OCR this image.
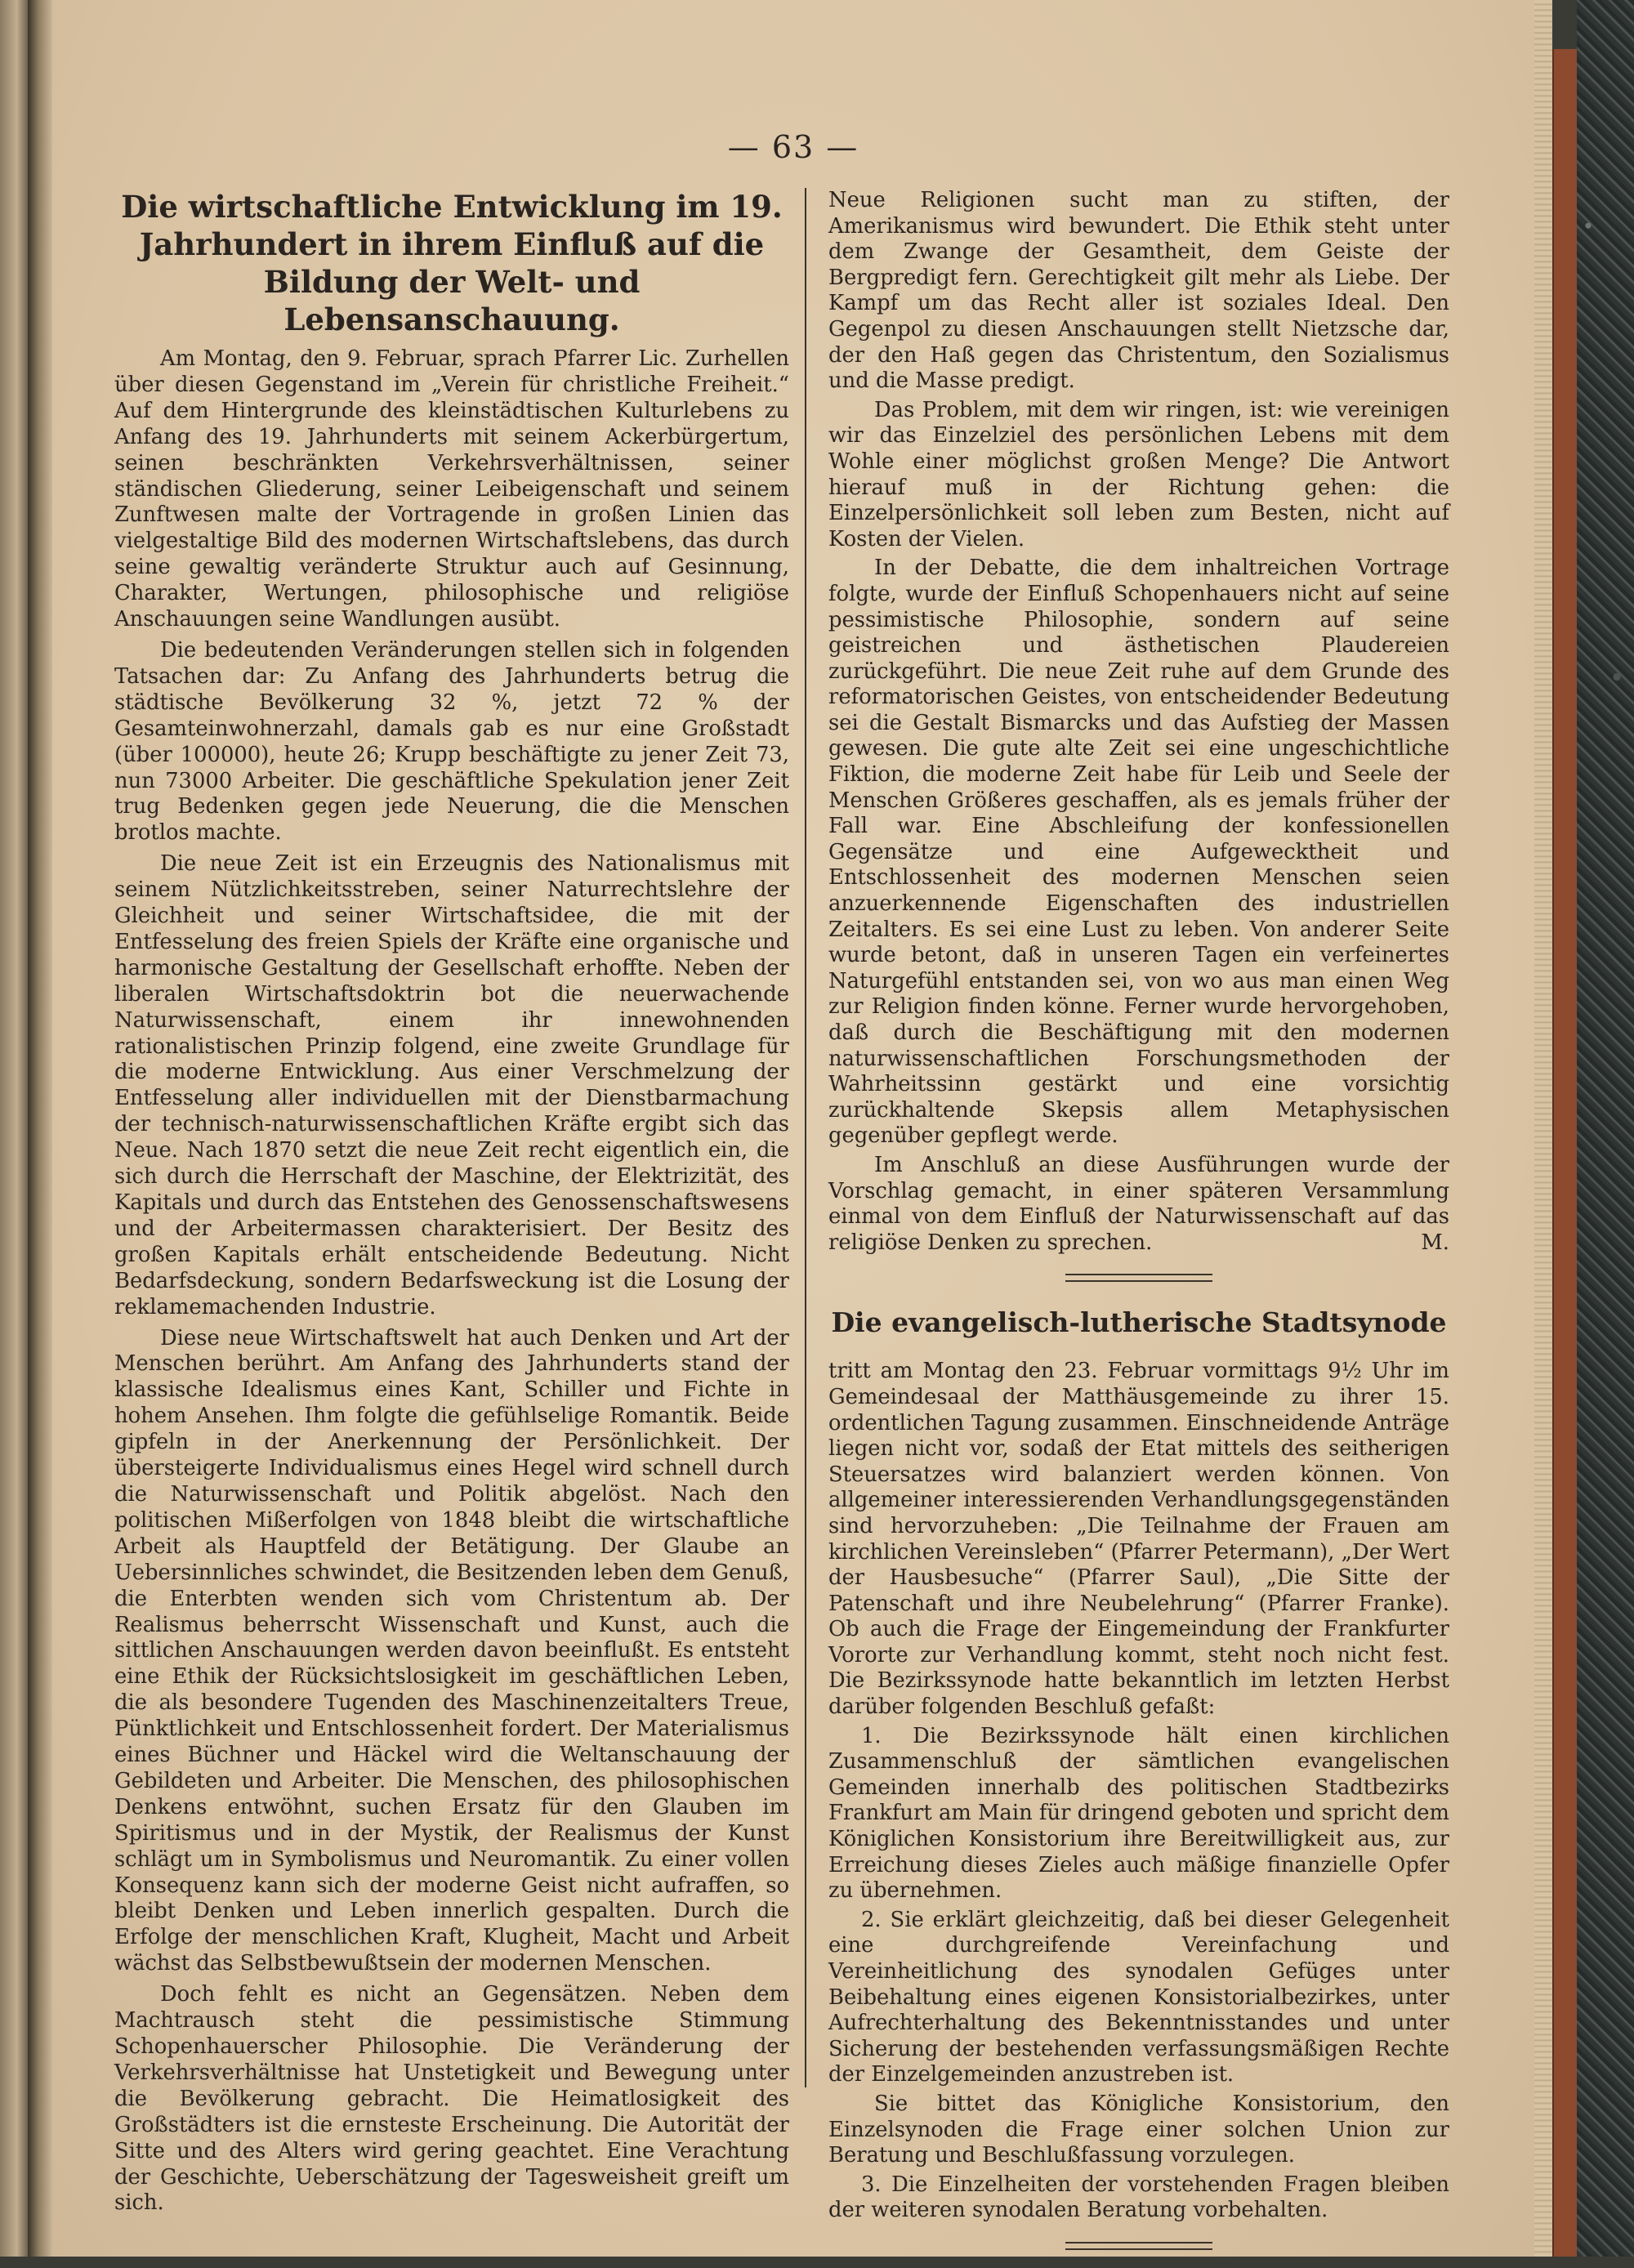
— 63 —
Die wirtschaftliche Entwicklung im 19. Jahrhundert in ihrem Einfluß auf die Bildung der Welt- und Lebensanschauung.

Am Montag, den 9. Februar, sprach Pfarrer Lic. Zurhellen über diesen Gegenstand im „Verein für christliche Freiheit.“ Auf dem Hintergrunde des kleinstädtischen Kulturlebens zu Anfang des 19. Jahrhunderts mit seinem Ackerbürgertum, seinen beschränkten Verkehrsverhältnissen, seiner ständischen Gliederung, seiner Leibeigenschaft und seinem Zunftwesen malte der Vortragende in großen Linien das vielgestaltige Bild des modernen Wirtschaftslebens, das durch seine gewaltig veränderte Struktur auch auf Gesinnung, Charakter, Wertungen, philosophische und religiöse Anschauungen seine Wandlungen ausübt.

Die bedeutenden Veränderungen stellen sich in folgenden Tatsachen dar: Zu Anfang des Jahrhunderts betrug die städtische Bevölkerung 32 %, jetzt 72 % der Gesamteinwohnerzahl, damals gab es nur eine Großstadt (über 100000), heute 26; Krupp beschäftigte zu jener Zeit 73, nun 73000 Arbeiter. Die geschäftliche Spekulation jener Zeit trug Bedenken gegen jede Neuerung, die die Menschen brotlos machte.

Die neue Zeit ist ein Erzeugnis des Nationalismus mit seinem Nützlichkeitsstreben, seiner Naturrechtslehre der Gleichheit und seiner Wirtschaftsidee, die mit der Entfesselung des freien Spiels der Kräfte eine organische und harmonische Gestaltung der Gesellschaft erhoffte. Neben der liberalen Wirtschaftsdoktrin bot die neuerwachende Naturwissenschaft, einem ihr innewohnenden rationalistischen Prinzip folgend, eine zweite Grundlage für die moderne Entwicklung. Aus einer Verschmelzung der Entfesselung aller individuellen mit der Dienstbarmachung der technisch-naturwissenschaftlichen Kräfte ergibt sich das Neue. Nach 1870 setzt die neue Zeit recht eigentlich ein, die sich durch die Herrschaft der Maschine, der Elektrizität, des Kapitals und durch das Entstehen des Genossenschaftswesens und der Arbeitermassen charakterisiert. Der Besitz des großen Kapitals erhält entscheidende Bedeutung. Nicht Bedarfsdeckung, sondern Bedarfsweckung ist die Losung der reklamemachenden Industrie.

Diese neue Wirtschaftswelt hat auch Denken und Art der Menschen berührt. Am Anfang des Jahrhunderts stand der klassische Idealismus eines Kant, Schiller und Fichte in hohem Ansehen. Ihm folgte die gefühlselige Romantik. Beide gipfeln in der Anerkennung der Persönlichkeit. Der übersteigerte Individualismus eines Hegel wird schnell durch die Naturwissenschaft und Politik abgelöst. Nach den politischen Mißerfolgen von 1848 bleibt die wirtschaftliche Arbeit als Hauptfeld der Betätigung. Der Glaube an Uebersinnliches schwindet, die Besitzenden leben dem Genuß, die Enterbten wenden sich vom Christentum ab. Der Realismus beherrscht Wissenschaft und Kunst, auch die sittlichen Anschauungen werden davon beeinflußt. Es entsteht eine Ethik der Rücksichtslosigkeit im geschäftlichen Leben, die als besondere Tugenden des Maschinenzeitalters Treue, Pünktlichkeit und Entschlossenheit fordert. Der Materialismus eines Büchner und Häckel wird die Weltanschauung der Gebildeten und Arbeiter. Die Menschen, des philosophischen Denkens entwöhnt, suchen Ersatz für den Glauben im Spiritismus und in der Mystik, der Realismus der Kunst schlägt um in Symbolismus und Neuromantik. Zu einer vollen Konsequenz kann sich der moderne Geist nicht aufraffen, so bleibt Denken und Leben innerlich gespalten. Durch die Erfolge der menschlichen Kraft, Klugheit, Macht und Arbeit wächst das Selbstbewußtsein der modernen Menschen.

Doch fehlt es nicht an Gegensätzen. Neben dem Machtrausch steht die pessimistische Stimmung Schopenhauerscher Philosophie. Die Veränderung der Verkehrsverhältnisse hat Unstetigkeit und Bewegung unter die Bevölkerung gebracht. Die Heimatlosigkeit des Großstädters ist die ernsteste Erscheinung. Die Autorität der Sitte und des Alters wird gering geachtet. Eine Verachtung der Geschichte, Ueberschätzung der Tagesweisheit greift um sich.

Neue Religionen sucht man zu stiften, der Amerikanismus wird bewundert. Die Ethik steht unter dem Zwange der Gesamtheit, dem Geiste der Bergpredigt fern. Gerechtigkeit gilt mehr als Liebe. Der Kampf um das Recht aller ist soziales Ideal. Den Gegenpol zu diesen Anschauungen stellt Nietzsche dar, der den Haß gegen das Christentum, den Sozialismus und die Masse predigt.

Das Problem, mit dem wir ringen, ist: wie vereinigen wir das Einzelziel des persönlichen Lebens mit dem Wohle einer möglichst großen Menge? Die Antwort hierauf muß in der Richtung gehen: die Einzelpersönlichkeit soll leben zum Besten, nicht auf Kosten der Vielen.

In der Debatte, die dem inhaltreichen Vortrage folgte, wurde der Einfluß Schopenhauers nicht auf seine pessimistische Philosophie, sondern auf seine geistreichen und ästhetischen Plaudereien zurückgeführt. Die neue Zeit ruhe auf dem Grunde des reformatorischen Geistes, von entscheidender Bedeutung sei die Gestalt Bismarcks und das Aufstieg der Massen gewesen. Die gute alte Zeit sei eine ungeschichtliche Fiktion, die moderne Zeit habe für Leib und Seele der Menschen Größeres geschaffen, als es jemals früher der Fall war. Eine Abschleifung der konfessionellen Gegensätze und eine Aufgewecktheit und Entschlossenheit des modernen Menschen seien anzuerkennende Eigenschaften des industriellen Zeitalters. Es sei eine Lust zu leben. Von anderer Seite wurde betont, daß in unseren Tagen ein verfeinertes Naturgefühl entstanden sei, von wo aus man einen Weg zur Religion finden könne. Ferner wurde hervorgehoben, daß durch die Beschäftigung mit den modernen naturwissenschaftlichen Forschungsmethoden der Wahrheitssinn gestärkt und eine vorsichtig zurückhaltende Skepsis allem Metaphysischen gegenüber gepflegt werde.

Im Anschluß an diese Ausführungen wurde der Vorschlag gemacht, in einer späteren Versammlung einmal von dem Einfluß der Naturwissenschaft auf das religiöse Denken zu sprechen.	M.

Die evangelisch-lutherische Stadtsynode

tritt am Montag den 23. Februar vormittags 9½ Uhr im Gemeindesaal der Matthäusgemeinde zu ihrer 15. ordentlichen Tagung zusammen. Einschneidende Anträge liegen nicht vor, sodaß der Etat mittels des seitherigen Steuersatzes wird balanziert werden können. Von allgemeiner interessierenden Verhandlungsgegenständen sind hervorzuheben: „Die Teilnahme der Frauen am kirchlichen Vereinsleben“ (Pfarrer Petermann), „Der Wert der Hausbesuche“ (Pfarrer Saul), „Die Sitte der Patenschaft und ihre Neubelehrung“ (Pfarrer Franke). Ob auch die Frage der Eingemeindung der Frankfurter Vororte zur Verhandlung kommt, steht noch nicht fest. Die Bezirkssynode hatte bekanntlich im letzten Herbst darüber folgenden Beschluß gefaßt:

1. Die Bezirkssynode hält einen kirchlichen Zusammenschluß der sämtlichen evangelischen Gemeinden innerhalb des politischen Stadtbezirks Frankfurt am Main für dringend geboten und spricht dem Königlichen Konsistorium ihre Bereitwilligkeit aus, zur Erreichung dieses Zieles auch mäßige finanzielle Opfer zu übernehmen.

2. Sie erklärt gleichzeitig, daß bei dieser Gelegenheit eine durchgreifende Vereinfachung und Vereinheitlichung des synodalen Gefüges unter Beibehaltung eines eigenen Konsistorialbezirkes, unter Aufrechterhaltung des Bekenntnisstandes und unter Sicherung der bestehenden verfassungsmäßigen Rechte der Einzelgemeinden anzustreben ist.

Sie bittet das Königliche Konsistorium, den Einzelsynoden die Frage einer solchen Union zur Beratung und Beschlußfassung vorzulegen.

3. Die Einzelheiten der vorstehenden Fragen bleiben der weiteren synodalen Beratung vorbehalten.
